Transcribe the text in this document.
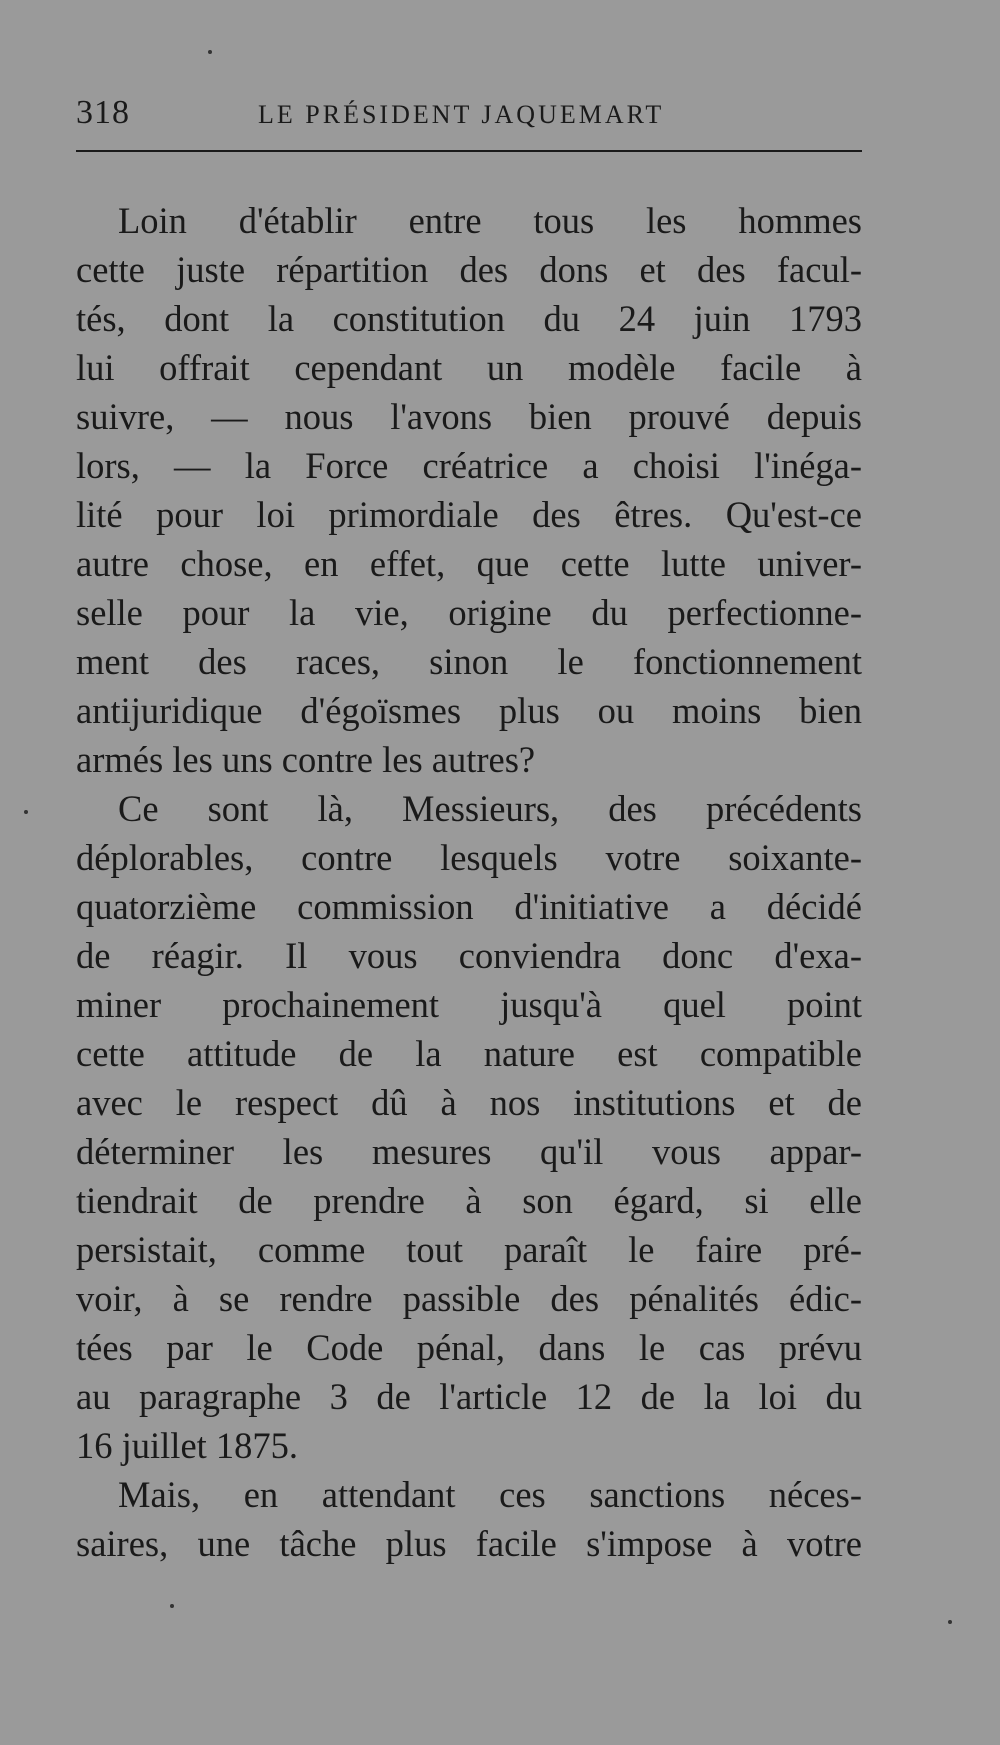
318	LE PRÉSIDENT JAQUEMART
Loin d'établir entre tous les hommes
cette juste répartition des dons et des facul-
tés, dont la constitution du 24 juin 1793
lui offrait cependant un modèle facile à
suivre, — nous l'avons bien prouvé depuis
lors, — la Force créatrice a choisi l'inéga-
lité pour loi primordiale des êtres. Qu'est-ce
autre chose, en effet, que cette lutte univer-
selle pour la vie, origine du perfectionne-
ment des races, sinon le fonctionnement
antijuridique d'égoïsmes plus ou moins bien
armés les uns contre les autres?
Ce sont là, Messieurs, des précédents
déplorables, contre lesquels votre soixante-
quatorzième commission d'initiative a décidé
de réagir. Il vous conviendra donc d'exa-
miner prochainement jusqu'à quel point
cette attitude de la nature est compatible
avec le respect dû à nos institutions et de
déterminer les mesures qu'il vous appar-
tiendrait de prendre à son égard, si elle
persistait, comme tout paraît le faire pré-
voir, à se rendre passible des pénalités édic-
tées par le Code pénal, dans le cas prévu
au paragraphe 3 de l'article 12 de la loi du
16 juillet 1875.
Mais, en attendant ces sanctions néces-
saires, une tâche plus facile s'impose à votre
